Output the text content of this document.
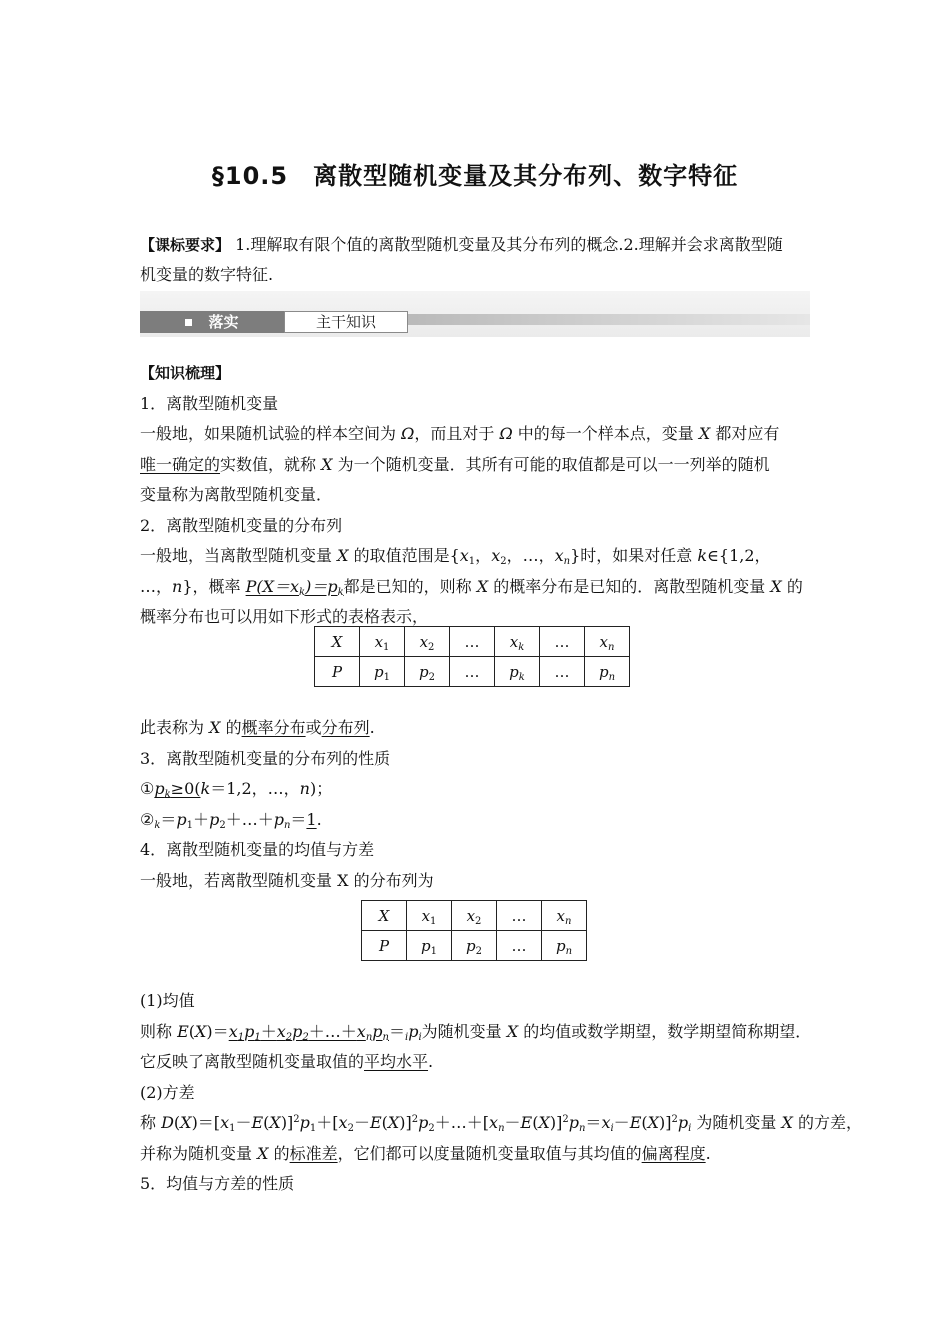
§10.5　离散型随机变量及其分布列、数字特征
【课标要求】 1.理解取有限个值的离散型随机变量及其分布列的概念.2.理解并会求离散型随
机变量的数字特征.
落实	主干知识

【知识梳理】

1．离散型随机变量

一般地，如果随机试验的样本空间为 Ω，而且对于 Ω 中的每一个样本点，变量 X 都对应有

唯一确定的实数值，就称 X 为一个随机变量．其所有可能的取值都是可以一一列举的随机

变量称为离散型随机变量．

2．离散型随机变量的分布列

一般地，当离散型随机变量 X 的取值范围是{$x_1$，$x_2$，…，$x_n$}时，如果对任意 k∈{1,2，

…，n}，概率 $P(X=x_k)=p_k$都是已知的，则称 X 的概率分布是已知的．离散型随机变量 X 的

概率分布也可以用如下形式的表格表示，

X	$x_1$	$x_2$	…	$x_k$	…	$x_n$
P	$p_1$	$p_2$	…	$p_k$	…	$p_n$

此表称为 X 的概率分布或分布列.

3．离散型随机变量的分布列的性质

$①p_k\ge 0(k=1,2$，…，n)；

$②_k=p_1+p_2+\dots+p_n=1$.

4．离散型随机变量的均值与方差

一般地，若离散型随机变量 X 的分布列为

X	$x_1$	$x_2$	…	$x_n$
P	$p_1$	$p_2$	…	$p_n$

(1)均值

则称 $E(X)=x_1p_1+x_2p_2+\dots+x_np_n=_ip_i$为随机变量 X 的均值或数学期望，数学期望简称期望．

它反映了离散型随机变量取值的平均水平.

(2)方差

称 $D(X)=[x_1-E(X)]^2p_1+[x_2-E(X)]^2p_2+\dots+[x_n-E(X)]^2p_n=x_i-E(X)]^2p_i$ 为随机变量 X 的方差，

并称为随机变量 X 的标准差，它们都可以度量随机变量取值与其均值的偏离程度.

5．均值与方差的性质
